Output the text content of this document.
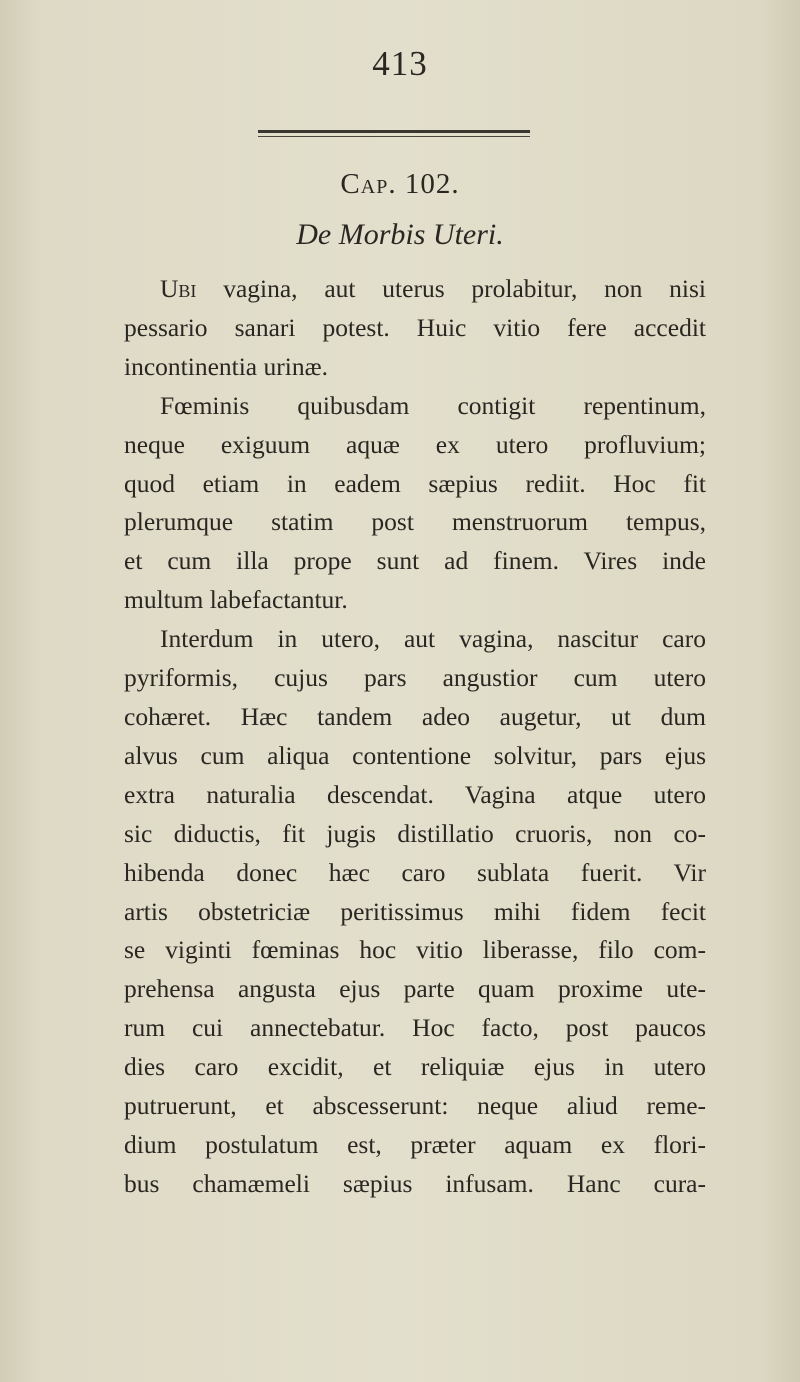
413
Cap. 102.
De Morbis Uteri.
Ubi vagina, aut uterus prolabitur, non nisi
pessario sanari potest. Huic vitio fere accedit
incontinentia urinæ.
Fœminis quibusdam contigit repentinum,
neque exiguum aquæ ex utero profluvium;
quod etiam in eadem sæpius rediit. Hoc fit
plerumque statim post menstruorum tempus,
et cum illa prope sunt ad finem. Vires inde
multum labefactantur.
Interdum in utero, aut vagina, nascitur caro
pyriformis, cujus pars angustior cum utero
cohæret. Hæc tandem adeo augetur, ut dum
alvus cum aliqua contentione solvitur, pars ejus
extra naturalia descendat. Vagina atque utero
sic diductis, fit jugis distillatio cruoris, non co-
hibenda donec hæc caro sublata fuerit. Vir
artis obstetriciæ peritissimus mihi fidem fecit
se viginti fœminas hoc vitio liberasse, filo com-
prehensa angusta ejus parte quam proxime ute-
rum cui annectebatur. Hoc facto, post paucos
dies caro excidit, et reliquiæ ejus in utero
putruerunt, et abscesserunt: neque aliud reme-
dium postulatum est, præter aquam ex flori-
bus chamæmeli sæpius infusam. Hanc cura-
